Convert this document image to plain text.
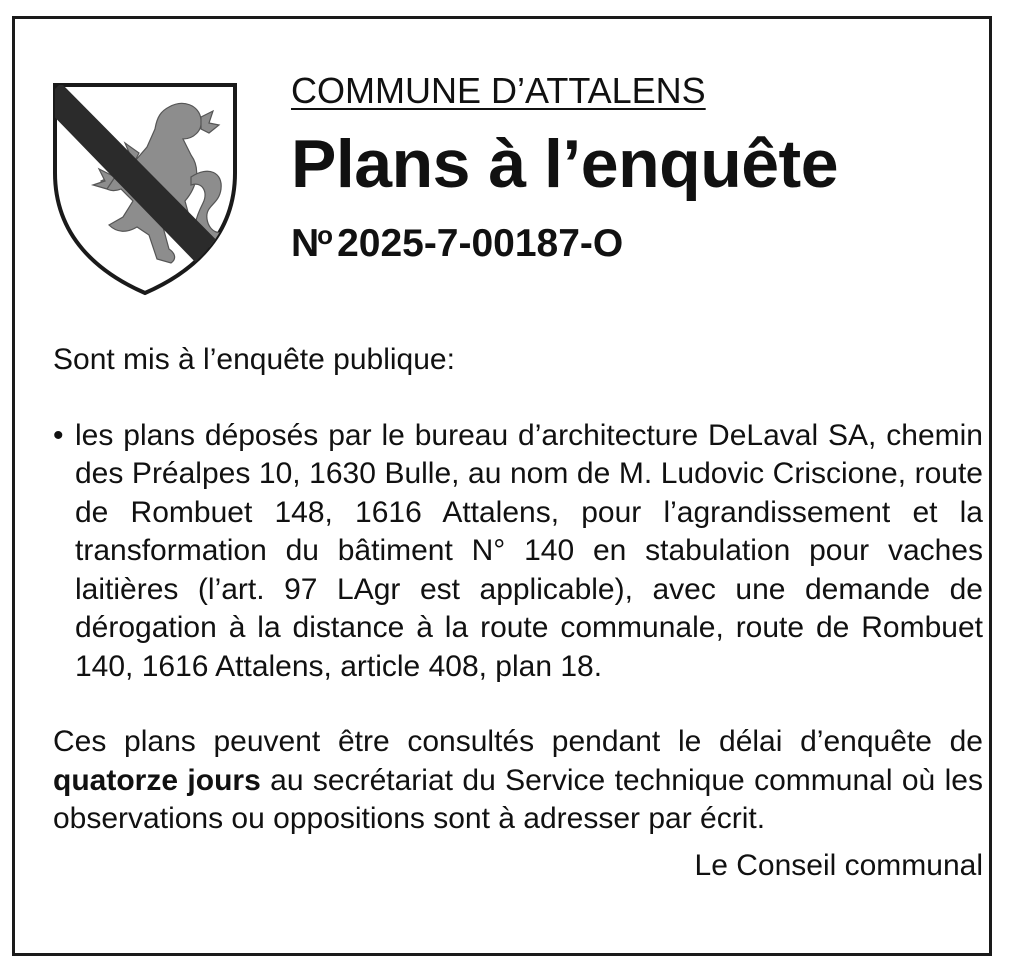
COMMUNE D’ATTALENS
Plans à l’enquête
$N^o$ 2025-7-00187-O

Sont mis à l’enquête publique:

• les plans déposés par le bureau d’architecture DeLaval SA, chemin des Préalpes 10, 1630 Bulle, au nom de M. Ludovic Criscione, route de Rombuet 148, 1616 Attalens, pour l’agrandissement et la transformation du bâtiment N° 140 en stabulation pour vaches laitières (l’art. 97 LAgr est applicable), avec une demande de dérogation à la distance à la route communale, route de Rombuet 140, 1616 Attalens, article 408, plan 18.
Ces plans peuvent être consultés pendant le délai d’enquête de quatorze jours au secrétariat du Service technique communal où les observations ou oppositions sont à adresser par écrit.
Le Conseil communal
